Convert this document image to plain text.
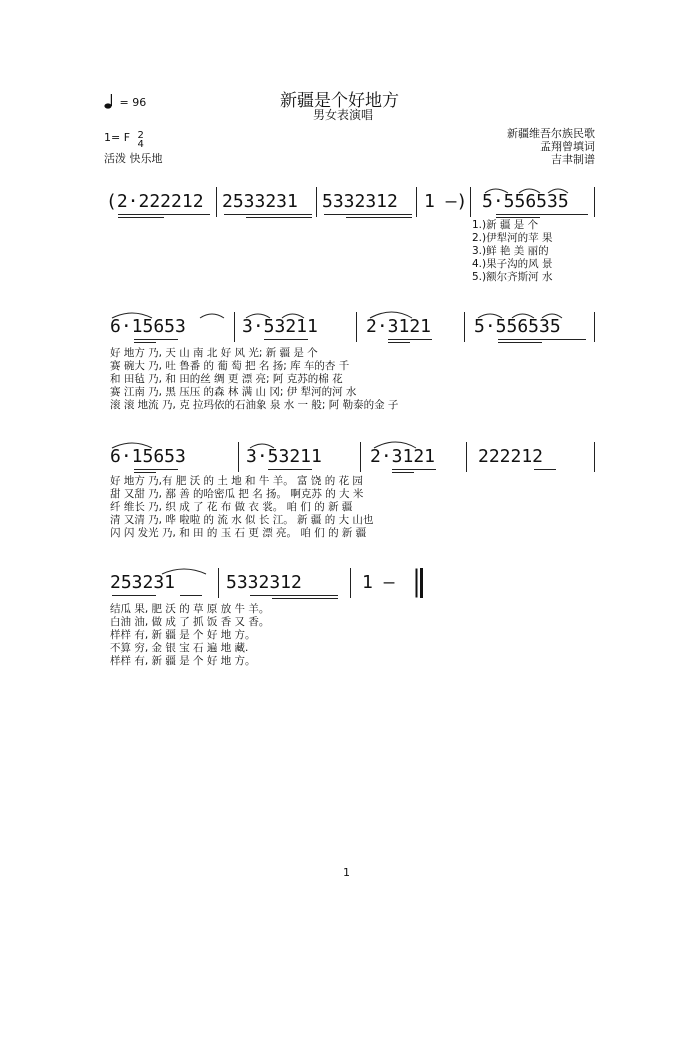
= 96	新疆是个好地方
男女表演唱
1= F 2
4
活泼 快乐地
新疆维吾尔族民歌
孟翔曾填词
吉聿制谱
(2·222212 2533231 5332312 1 –) 5·556535
1.)新 疆 是 个
2.)伊犁河的苹 果
3.)鲜 艳 美 丽的
4.)果子沟的风 景
5.)额尔齐斯河 水
6·15653	3·53211	2·3121 5·556535
好 地方 乃, 天 山 南 北 好 风 光; 新 疆 是 个
赛 碗大 乃, 吐 鲁番 的 葡 萄 把 名 扬; 库 车的杏 千
和 田毡 乃, 和 田的丝 绸 更 漂 亮; 阿 克苏的棉 花
赛 江南 乃, 黑 压压 的森 林 满 山 冈; 伊 犁河的河 水
滚 滚 地流 乃, 克 拉玛依的石油象 泉 水 一 般; 阿 勒泰的金 子
6·15653	3·53211	2·3121 222212
好 地方 乃,有 肥 沃 的 土 地 和 牛 羊。 富 饶 的 花 园
甜 又甜 乃, 鄯 善 的哈密瓜 把 名 扬。 啊克苏 的 大 米
纤 维长 乃, 织 成 了 花 布 做 衣 裳。 咱 们 的 新 疆
清 又清 乃, 哗 啦啦 的 流 水 似 长 江。 新 疆 的 大 山也
闪 闪 发光 乃, 和 田 的 玉 石 更 漂 亮。 咱 们 的 新 疆
253231	5332312	1 –
结瓜 果, 肥 沃 的 草 原 放 牛 羊。
白油 油, 做 成 了 抓 饭 香 又 香。
样样 有, 新 疆 是 个 好 地 方。
不算 穷, 金 银 宝 石 遍 地 藏.
样样 有, 新 疆 是 个 好 地 方。
1
